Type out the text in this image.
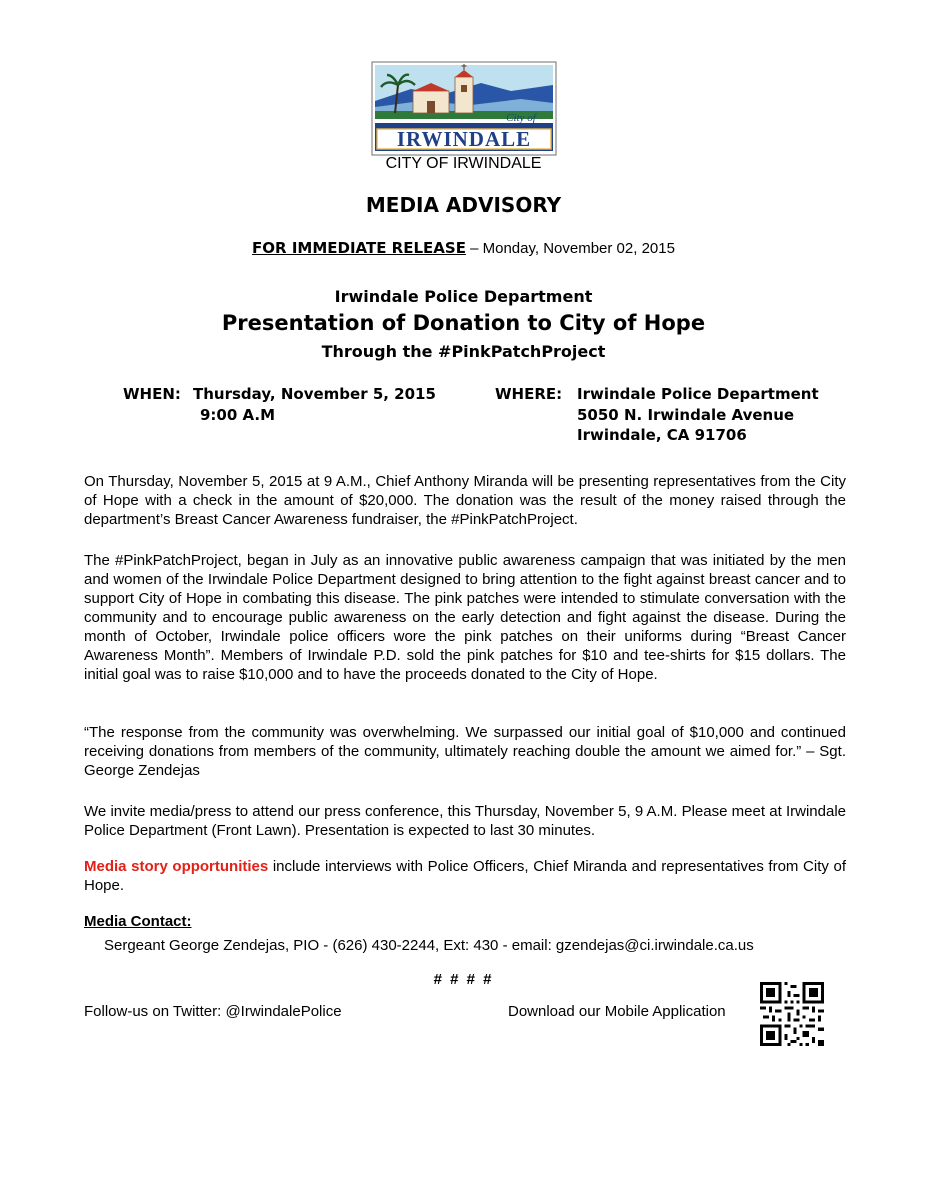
City of
IRWINDALE
CITY OF IRWINDALE
MEDIA ADVISORY
FOR IMMEDIATE RELEASE – Monday, November 02, 2015
Irwindale Police Department
Presentation of Donation to City of Hope
Through the #PinkPatchProject
WHEN: Thursday, November 5, 2015
9:00 A.M
WHERE: Irwindale Police Department
5050 N. Irwindale Avenue
Irwindale, CA 91706
On Thursday, November 5, 2015 at 9 A.M., Chief Anthony Miranda will be presenting representatives from the City of Hope with a check in the amount of $20,000. The donation was the result of the money raised through the department’s Breast Cancer Awareness fundraiser, the #PinkPatchProject.
The #PinkPatchProject, began in July as an innovative public awareness campaign that was initiated by the men and women of the Irwindale Police Department designed to bring attention to the fight against breast cancer and to support City of Hope in combating this disease. The pink patches were intended to stimulate conversation with the community and to encourage public awareness on the early detection and fight against the disease. During the month of October, Irwindale police officers wore the pink patches on their uniforms during “Breast Cancer Awareness Month”. Members of Irwindale P.D. sold the pink patches for $10 and tee-shirts for $15 dollars. The initial goal was to raise $10,000 and to have the proceeds donated to the City of Hope.
“The response from the community was overwhelming. We surpassed our initial goal of $10,000 and continued receiving donations from members of the community, ultimately reaching double the amount we aimed for.” – Sgt. George Zendejas
We invite media/press to attend our press conference, this Thursday, November 5, 9 A.M. Please meet at Irwindale Police Department (Front Lawn). Presentation is expected to last 30 minutes.
Media story opportunities include interviews with Police Officers, Chief Miranda and representatives from City of Hope.
Media Contact:
Sergeant George Zendejas, PIO - (626) 430-2244, Ext: 430 - email: gzendejas@ci.irwindale.ca.us
# # # #
Follow-us on Twitter: @IrwindalePolice	Download our Mobile Application
